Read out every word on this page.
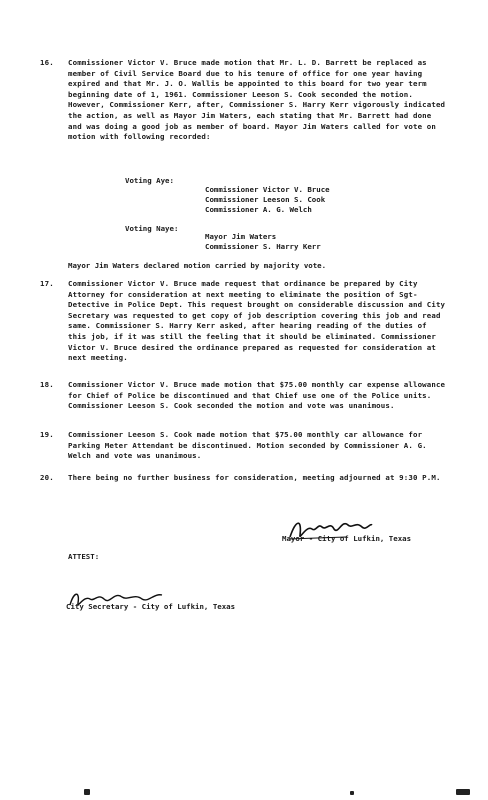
16. Commissioner Victor V. Bruce made motion that Mr. L. D. Barrett be replaced as member of Civil Service Board due to his tenure of office for one year having expired and that Mr. J. O. Wallis be appointed to this board for two year term beginning date of 1, 1961. Commissioner Leeson S. Cook seconded the motion. However, Commissioner Kerr, after, Commissioner S. Harry Kerr vigorously indicated the action, as well as Mayor Jim Waters, each stating that Mr. Barrett had done and was doing a good job as member of board. Mayor Jim Waters called for vote on motion with following recorded:
Voting Aye:
Commissioner Victor V. Bruce
Commissioner Leeson S. Cook
Commissioner A. G. Welch
Voting Naye:
Mayor Jim Waters
Commissioner S. Harry Kerr
Mayor Jim Waters declared motion carried by majority vote.
17. Commissioner Victor V. Bruce made request that ordinance be prepared by City Attorney for consideration at next meeting to eliminate the position of Sgt-Detective in Police Dept. This request brought on considerable discussion and City Secretary was requested to get copy of job description covering this job and read same. Commissioner S. Harry Kerr asked, after hearing reading of the duties of this job, if it was still the feeling that it should be eliminated. Commissioner Victor V. Bruce desired the ordinance prepared as requested for consideration at next meeting.
18. Commissioner Victor V. Bruce made motion that $75.00 monthly car expense allowance for Chief of Police be discontinued and that Chief use one of the Police units. Commissioner Leeson S. Cook seconded the motion and vote was unanimous.
19. Commissioner Leeson S. Cook made motion that $75.00 monthly car allowance for Parking Meter Attendant be discontinued. Motion seconded by Commissioner A. G. Welch and vote was unanimous.
20. There being no further business for consideration, meeting adjourned at 9:30 P.M.
Mayor - City of Lufkin, Texas
ATTEST:
City Secretary - City of Lufkin, Texas
